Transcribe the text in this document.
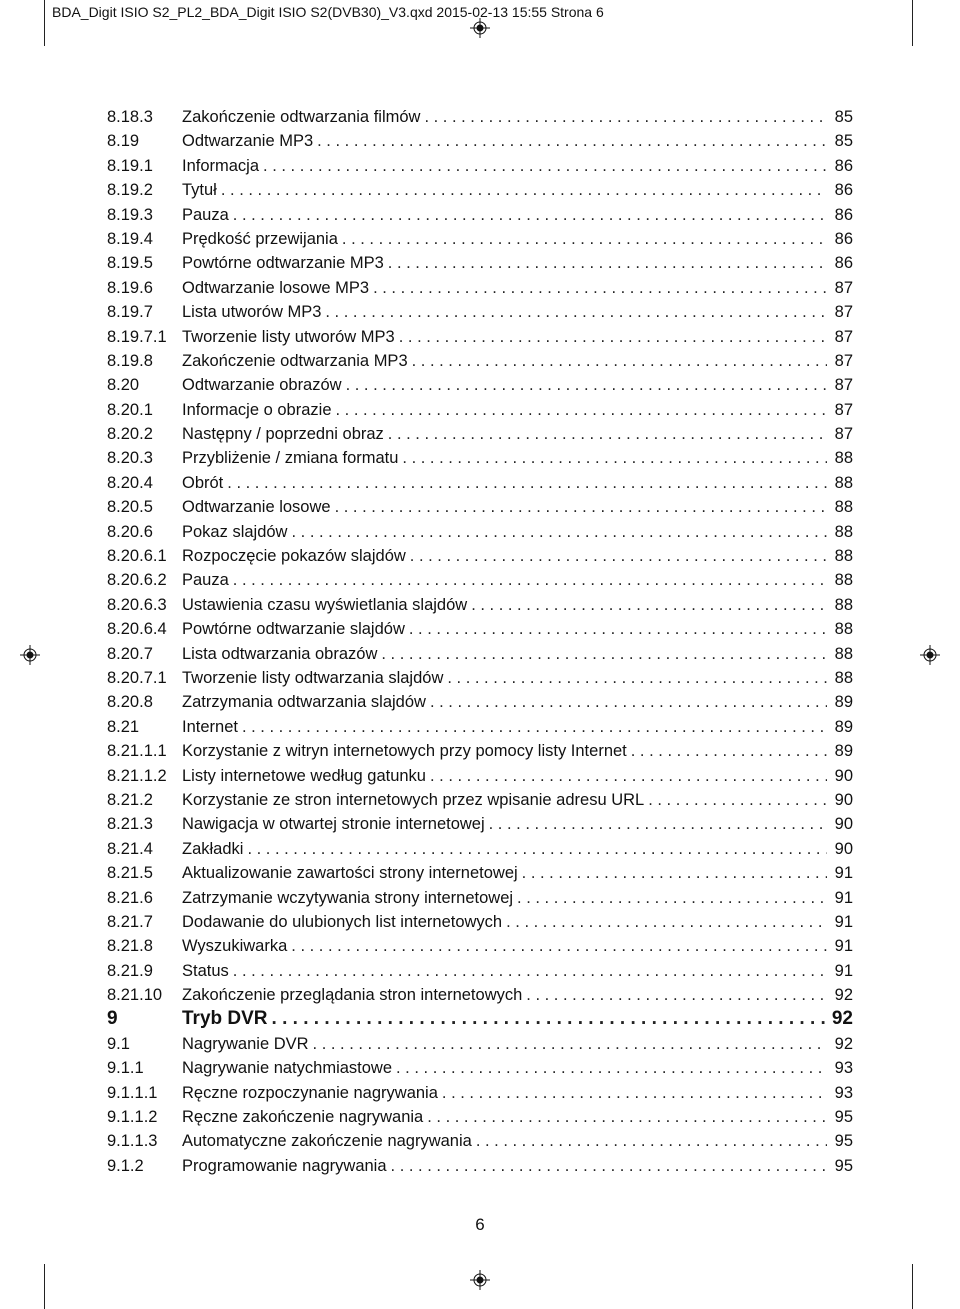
BDA_Digit ISIO S2_PL2_BDA_Digit ISIO S2(DVB30)_V3.qxd 2015-02-13 15:55 Strona 6
8.18.3	Zakończenie odtwarzania filmów . . .	85
8.19	Odtwarzanie MP3 . . .	85
8.19.1	Informacja . . .	86
8.19.2	Tytuł . . .	86
8.19.3	Pauza . . .	86
8.19.4	Prędkość przewijania . . .	86
8.19.5	Powtórne odtwarzanie MP3 . . .	86
8.19.6	Odtwarzanie losowe MP3 . . .	87
8.19.7	Lista utworów MP3 . . .	87
8.19.7.1 Tworzenie listy utworów MP3 . . .	87
8.19.8	Zakończenie odtwarzania MP3 . . .	87
8.20	Odtwarzanie obrazów . . .	87
8.20.1	Informacje o obrazie . . .	87
8.20.2	Następny / poprzedni obraz . . .	87
8.20.3	Przybliżenie / zmiana formatu . . .	88
8.20.4	Obrót . . .	88
8.20.5	Odtwarzanie losowe . . .	88
8.20.6	Pokaz slajdów . . .	88
8.20.6.1 Rozpoczęcie pokazów slajdów . . .	88
8.20.6.2 Pauza . . .	88
8.20.6.3 Ustawienia czasu wyświetlania slajdów . . .	88
8.20.6.4 Powtórne odtwarzanie slajdów . . .	88
8.20.7	Lista odtwarzania obrazów . . .	88
8.20.7.1 Tworzenie listy odtwarzania slajdów . . .	88
8.20.8	Zatrzymania odtwarzania slajdów . . .	89
8.21	Internet . . .	89
8.21.1.1 Korzystanie z witryn internetowych przy pomocy listy Internet . . .	89
8.21.1.2 Listy internetowe według gatunku . . .	90
8.21.2	Korzystanie ze stron internetowych przez wpisanie adresu URL . . .	90
8.21.3	Nawigacja w otwartej stronie internetowej . . .	90
8.21.4	Zakładki . . .	90
8.21.5	Aktualizowanie zawartości strony internetowej . . .	91
8.21.6	Zatrzymanie wczytywania strony internetowej . . .	91
8.21.7	Dodawanie do ulubionych list internetowych . . .	91
8.21.8	Wyszukiwarka . . .	91
8.21.9	Status . . .	91
8.21.10	Zakończenie przeglądania stron internetowych . . .	92
9	Tryb DVR . . .	92
9.1	Nagrywanie DVR . . .	92
9.1.1	Nagrywanie natychmiastowe . . .	93
9.1.1.1	Ręczne rozpoczynanie nagrywania . . .	93
9.1.1.2	Ręczne zakończenie nagrywania . . .	95
9.1.1.3	Automatyczne zakończenie nagrywania . . .	95
9.1.2	Programowanie nagrywania . . .	95
6
